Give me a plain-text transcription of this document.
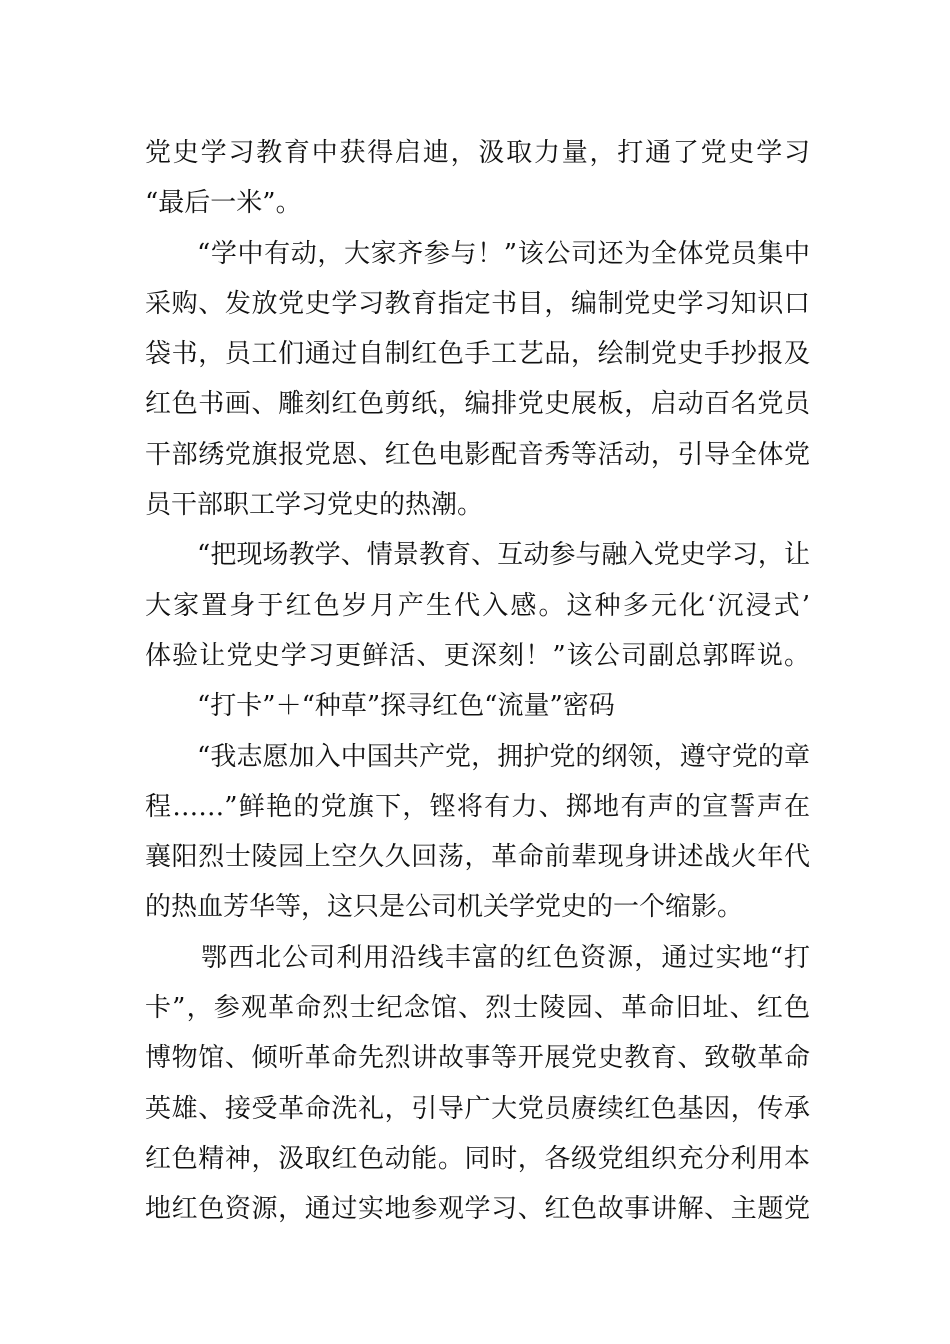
党史学习教育中获得启迪，汲取力量，打通了党史学习
“最后一米”。
“学中有动，大家齐参与！”该公司还为全体党员集中
采购、发放党史学习教育指定书目，编制党史学习知识口
袋书，员工们通过自制红色手工艺品，绘制党史手抄报及
红色书画、雕刻红色剪纸，编排党史展板，启动百名党员
干部绣党旗报党恩、红色电影配音秀等活动，引导全体党
员干部职工学习党史的热潮。
“把现场教学、情景教育、互动参与融入党史学习，让
大家置身于红色岁月产生代入感。这种多元化‘沉浸式’
体验让党史学习更鲜活、更深刻！”该公司副总郭晖说。
“打卡”＋“种草”探寻红色“流量”密码
“我志愿加入中国共产党，拥护党的纲领，遵守党的章
程……”鲜艳的党旗下，铿将有力、掷地有声的宣誓声在
襄阳烈士陵园上空久久回荡，革命前辈现身讲述战火年代
的热血芳华等，这只是公司机关学党史的一个缩影。
鄂西北公司利用沿线丰富的红色资源，通过实地“打
卡”，参观革命烈士纪念馆、烈士陵园、革命旧址、红色
博物馆、倾听革命先烈讲故事等开展党史教育、致敬革命
英雄、接受革命洗礼，引导广大党员赓续红色基因，传承
红色精神，汲取红色动能。同时，各级党组织充分利用本
地红色资源，通过实地参观学习、红色故事讲解、主题党
